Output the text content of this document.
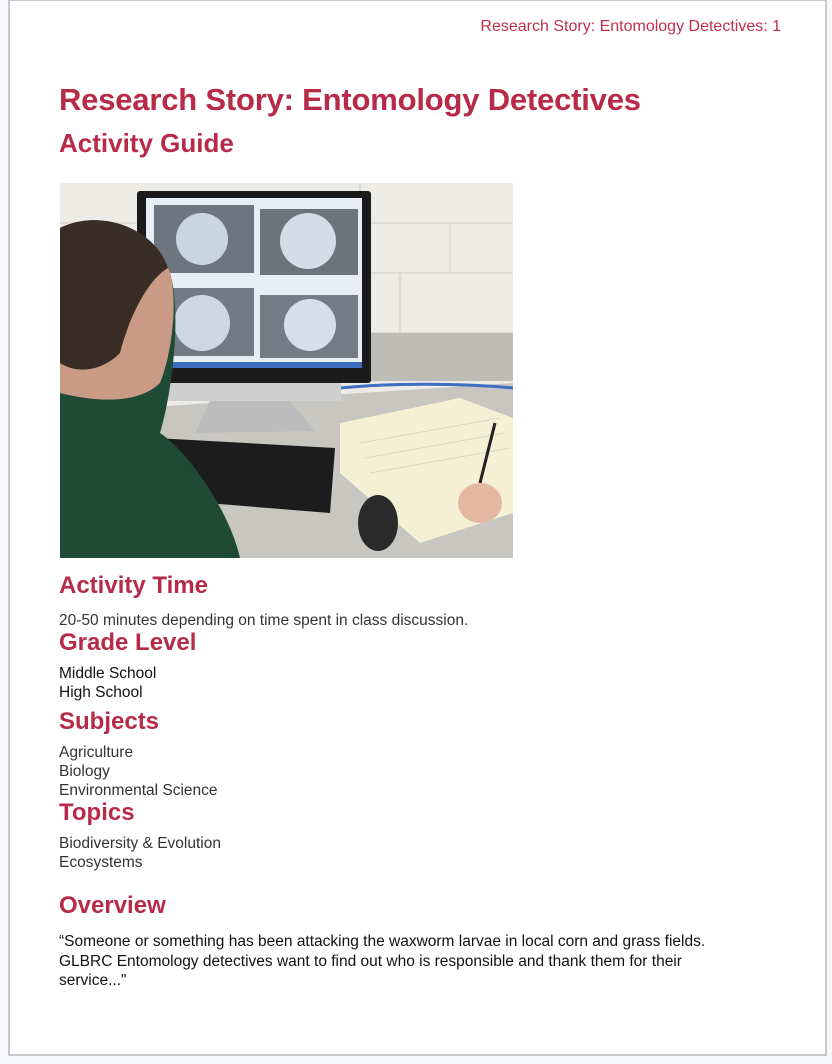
Research Story: Entomology Detectives: 1
Research Story: Entomology Detectives
Activity Guide
Activity Time
20-50 minutes depending on time spent in class discussion.
Grade Level
Middle School
High School
Subjects
Agriculture
Biology
Environmental Science
Topics
Biodiversity & Evolution
Ecosystems
Overview
“Someone or something has been attacking the waxworm larvae in local corn and grass fields. GLBRC Entomology detectives want to find out who is responsible and thank them for their service..."
